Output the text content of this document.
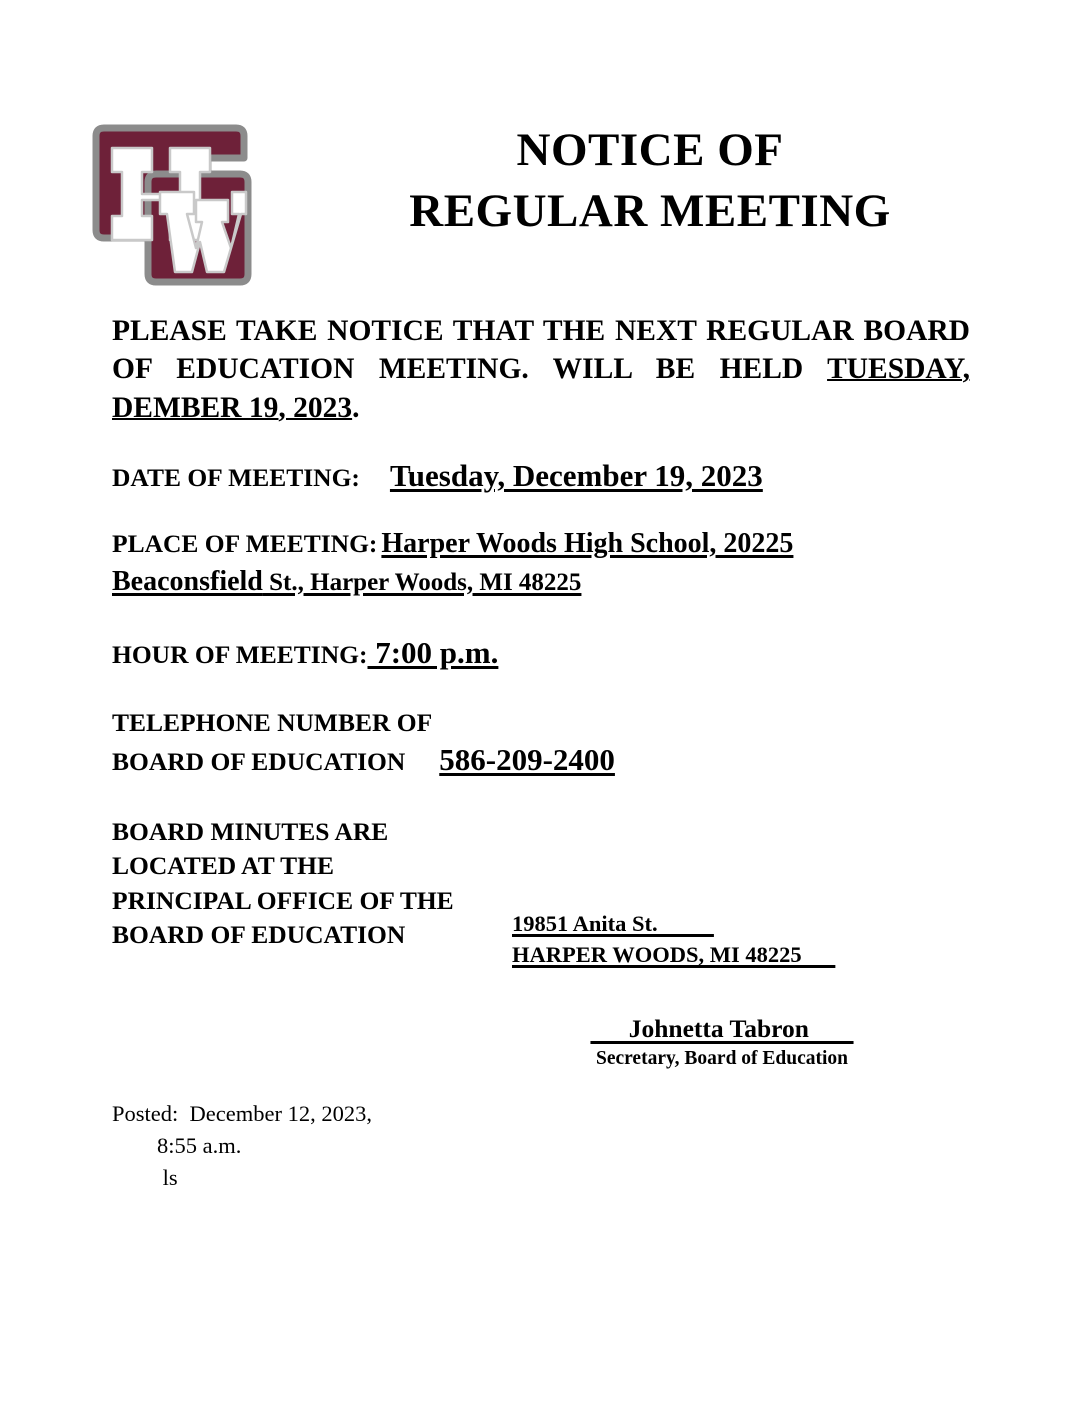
NOTICE OF
REGULAR MEETING

PLEASE TAKE NOTICE THAT THE NEXT REGULAR BOARD OF EDUCATION MEETING. WILL BE HELD TUESDAY, DEMBER 19, 2023.

DATE OF MEETING: Tuesday, December 19, 2023
PLACE OF MEETING: Harper Woods High School, 20225
Beaconsfield St., Harper Woods, MI 48225
HOUR OF MEETING: 7:00 p.m.
TELEPHONE NUMBER OF
BOARD OF EDUCATION 586-209-2400
BOARD MINUTES ARE
LOCATED AT THE
PRINCIPAL OFFICE OF THE
BOARD OF EDUCATION	19851 Anita St.
HARPER WOODS, MI 48225
Johnetta Tabron
Secretary, Board of Education
Posted:  December 12, 2023,
8:55 a.m.
ls
